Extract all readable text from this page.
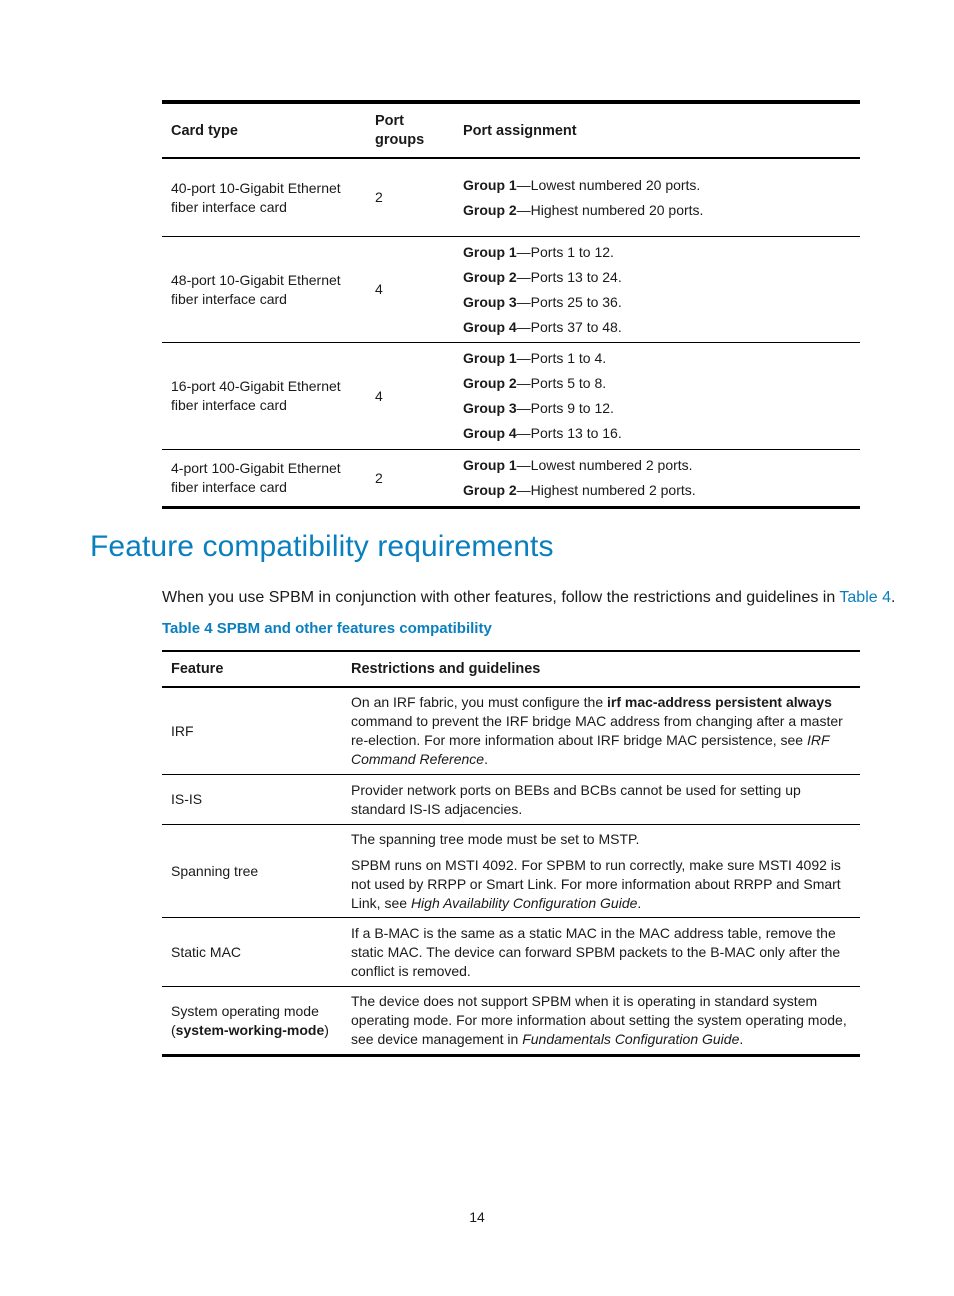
Card type
Port groups
Port assignment
40-port 10-Gigabit Ethernet fiber interface card
2
Group 1—Lowest numbered 20 ports.
Group 2—Highest numbered 20 ports.
48-port 10-Gigabit Ethernet fiber interface card
4
Group 1—Ports 1 to 12.
Group 2—Ports 13 to 24.
Group 3—Ports 25 to 36.
Group 4—Ports 37 to 48.
16-port 40-Gigabit Ethernet fiber interface card
4
Group 1—Ports 1 to 4.
Group 2—Ports 5 to 8.
Group 3—Ports 9 to 12.
Group 4—Ports 13 to 16.
4-port 100-Gigabit Ethernet fiber interface card
2
Group 1—Lowest numbered 2 ports.
Group 2—Highest numbered 2 ports.
Feature compatibility requirements
When you use SPBM in conjunction with other features, follow the restrictions and guidelines in Table 4.
Table 4 SPBM and other features compatibility
Feature	Restrictions and guidelines
IRF
On an IRF fabric, you must configure the irf mac-address persistent always command to prevent the IRF bridge MAC address from changing after a master re-election. For more information about IRF bridge MAC persistence, see IRF Command Reference.
IS-IS
Provider network ports on BEBs and BCBs cannot be used for setting up standard IS-IS adjacencies.
Spanning tree
The spanning tree mode must be set to MSTP.
SPBM runs on MSTI 4092. For SPBM to run correctly, make sure MSTI 4092 is not used by RRPP or Smart Link. For more information about RRPP and Smart Link, see High Availability Configuration Guide.
Static MAC
If a B-MAC is the same as a static MAC in the MAC address table, remove the static MAC. The device can forward SPBM packets to the B-MAC only after the conflict is removed.
System operating mode (system-working-mode)
The device does not support SPBM when it is operating in standard system operating mode. For more information about setting the system operating mode, see device management in Fundamentals Configuration Guide.
14
